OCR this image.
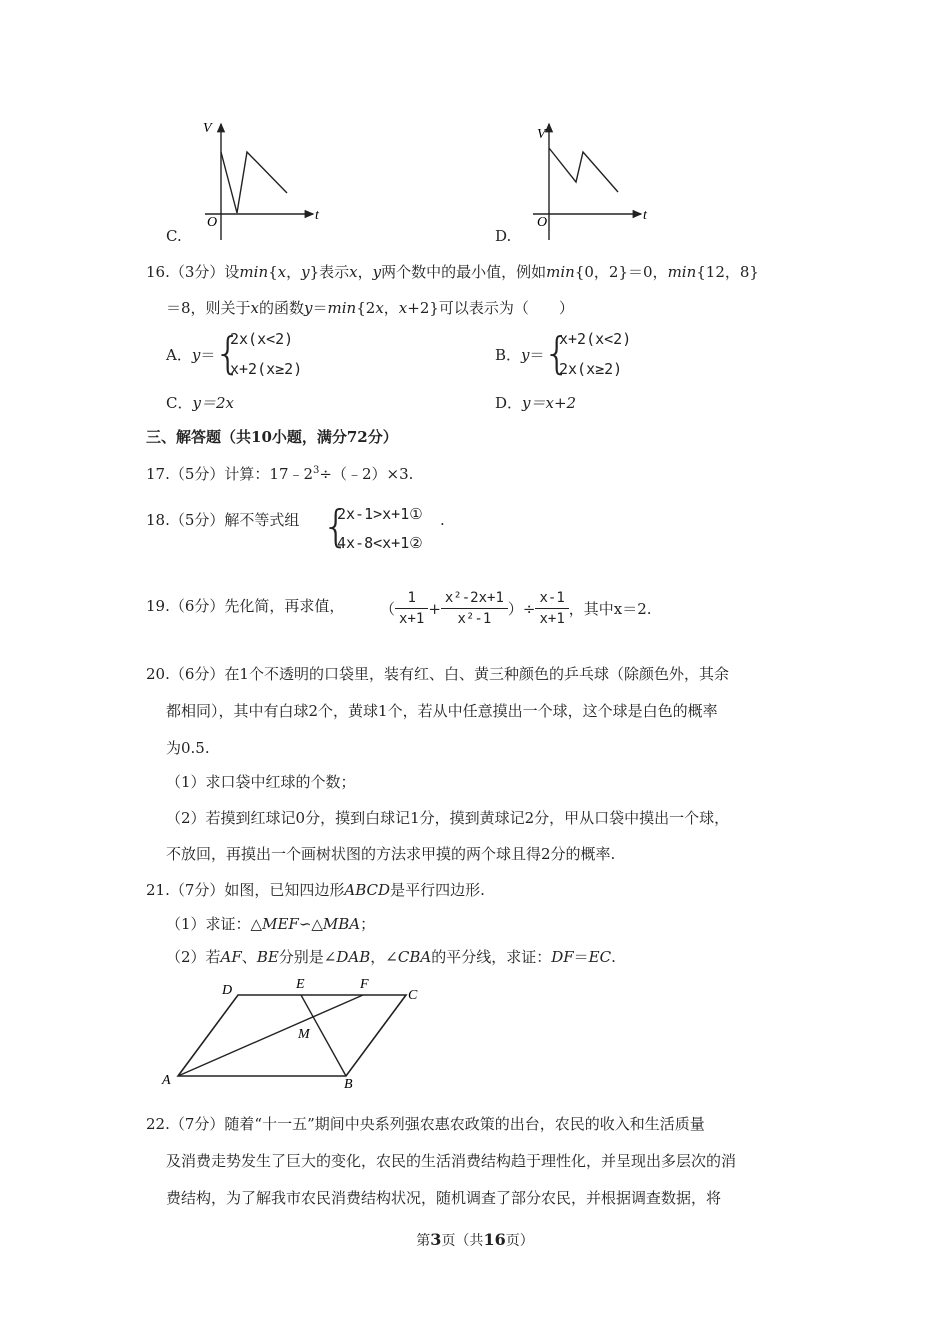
V
t
O
C.
V
t
O
D.
16.（3分）设min{x，y}表示x，y两个数中的最小值，例如min{0，2}＝0，min{12，8}
＝8，则关于x的函数y＝min{2x，x+2}可以表示为（　　）
A．y＝
{
2x(x<2)
x+2(x≥2)
B．y＝
{
x+2(x<2)
2x(x≥2)
C．y＝2x	D．y＝x+2
三、解答题（共10小题，满分72分）
17.（5分）计算：$17﹣2^3\div(﹣2)\times 3$.
18.（5分）解不等式组 {
2x-1>x+1①
4x-8<x+1②
.
19.（6分）先化简，再求值， （ $\frac{1}{x+1} + \frac{\text{x²-2x+1}}{\text{x²-1}}$ ）÷ $\frac{x-1}{x+1}$ ，其中x＝2.
20.（6分）在1个不透明的口袋里，装有红、白、黄三种颜色的乒乓球（除颜色外，其余
都相同），其中有白球2个，黄球1个，若从中任意摸出一个球，这个球是白色的概率
为0.5.
（1）求口袋中红球的个数；
（2）若摸到红球记0分，摸到白球记1分，摸到黄球记2分，甲从口袋中摸出一个球，
不放回，再摸出一个画树状图的方法求甲摸的两个球且得2分的概率.
21.（7分）如图，已知四边形ABCD是平行四边形.
（1）求证：△MEF∽△MBA；
（2）若AF、BE分别是∠DAB，∠CBA的平分线，求证：DF＝EC.
A	B
C
D	E	F
M
22.（7分）随着“十一五”期间中央系列强农惠农政策的出台，农民的收入和生活质量
及消费走势发生了巨大的变化，农民的生活消费结构趋于理性化，并呈现出多层次的消
费结构，为了解我市农民消费结构状况，随机调查了部分农民，并根据调查数据，将
第3页（共16页）
